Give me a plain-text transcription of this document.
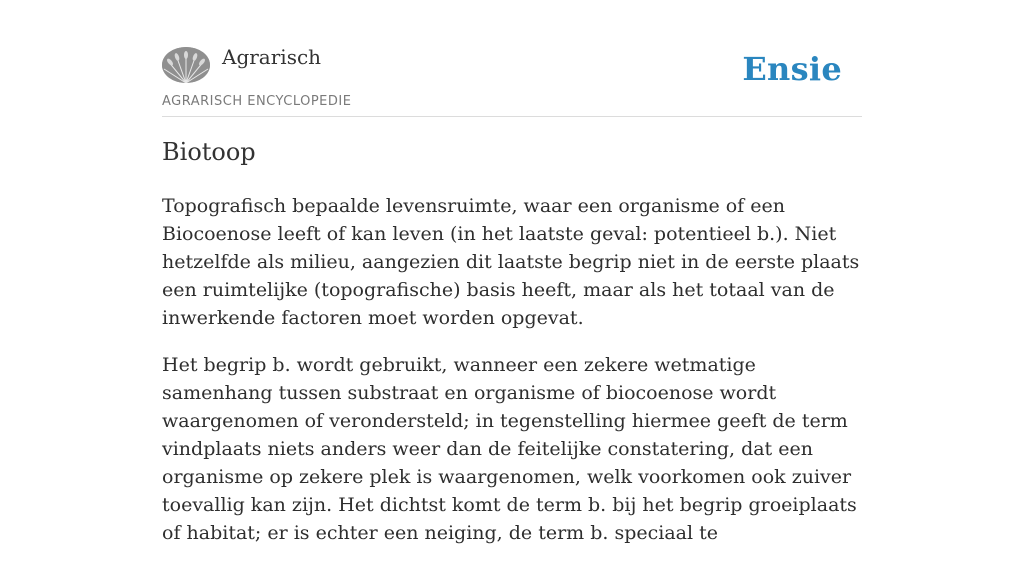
Agrarisch
AGRARISCH ENCYCLOPEDIE
Ensie
Biotoop

Topografisch bepaalde levensruimte, waar een organisme of een Biocoenose leeft of kan leven (in het laatste geval: potentieel b.). Niet hetzelfde als milieu, aangezien dit laatste begrip niet in de eerste plaats een ruimtelijke (topografische) basis heeft, maar als het totaal van de inwerkende factoren moet worden opgevat.

Het begrip b. wordt gebruikt, wanneer een zekere wetmatige samenhang tussen substraat en organisme of biocoenose wordt waargenomen of verondersteld; in tegenstelling hiermee geeft de term vindplaats niets anders weer dan de feitelijke constatering, dat een organisme op zekere plek is waargenomen, welk voorkomen ook zuiver toevallig kan zijn. Het dichtst komt de term b. bij het begrip groeiplaats of habitat; er is echter een neiging, de term b. speciaal te
